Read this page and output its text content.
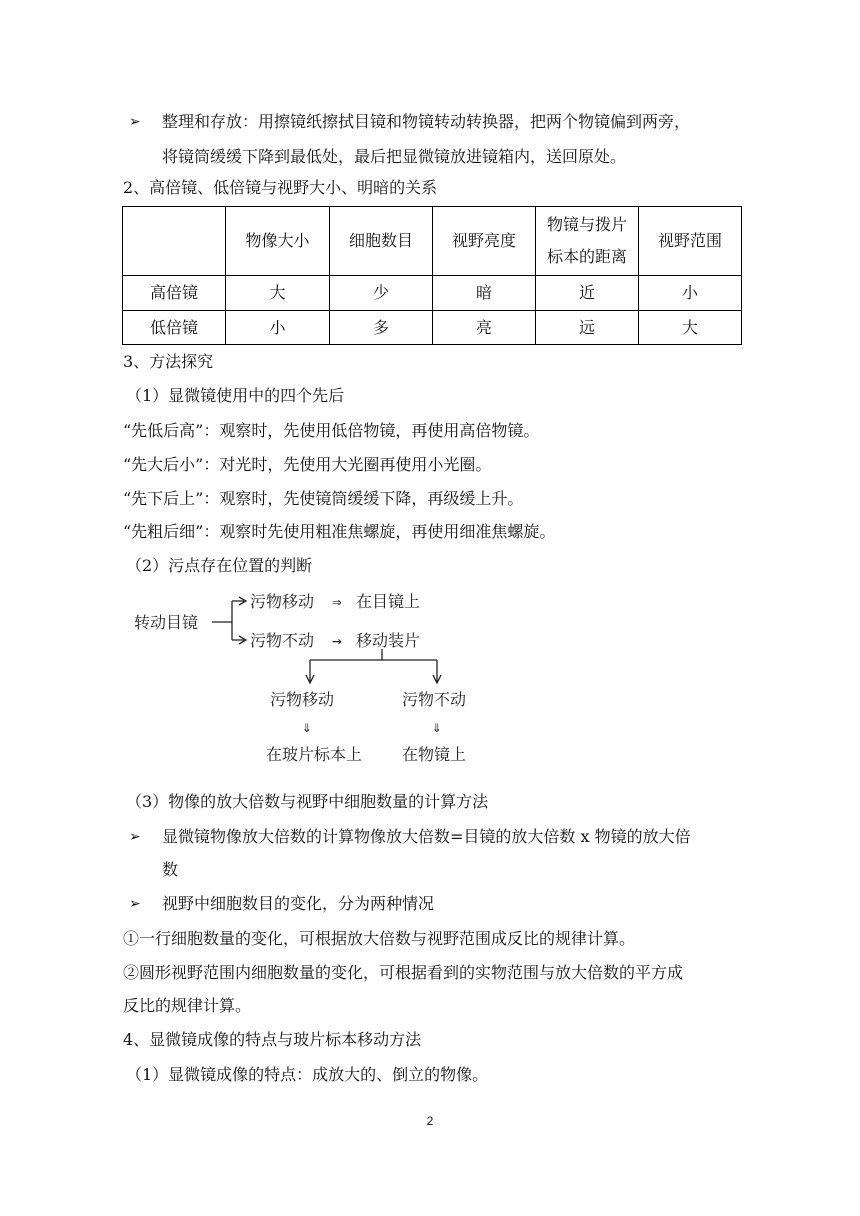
➢ 整理和存放：用擦镜纸擦拭目镜和物镜转动转换器，把两个物镜偏到两旁，
将镜筒缓缓下降到最低处，最后把显微镜放进镜箱内，送回原处。
2、高倍镜、低倍镜与视野大小、明暗的关系
	物像大小	细胞数目	视野亮度	物镜与拨片
标本的距离	视野范围
高倍镜	大	少	暗	近	小
低倍镜	小	多	亮	远	大
3、方法探究
（1）显微镜使用中的四个先后
“先低后高”：观察时，先使用低倍物镜，再使用高倍物镜。
“先大后小”：对光时，先使用大光圈再使用小光圈。
“先下后上”：观察时，先使镜筒缓缓下降，再级缓上升。
“先粗后细”：观察时先使用粗准焦螺旋，再使用细准焦螺旋。
（2）污点存在位置的判断
转动目镜
污物移动 ⇒ 在目镜上
污物不动 → 移动装片
污物移动	污物不动
⇓	⇓
在玻片标本上 在物镜上
（3）物像的放大倍数与视野中细胞数量的计算方法
➢ 显微镜物像放大倍数的计算物像放大倍数=目镜的放大倍数 x 物镜的放大倍
数
➢ 视野中细胞数目的变化，分为两种情况
①一行细胞数量的变化，可根据放大倍数与视野范围成反比的规律计算。
②圆形视野范围内细胞数量的变化，可根据看到的实物范围与放大倍数的平方成
反比的规律计算。
4、显微镜成像的特点与玻片标本移动方法
（1）显微镜成像的特点：成放大的、倒立的物像。
2
